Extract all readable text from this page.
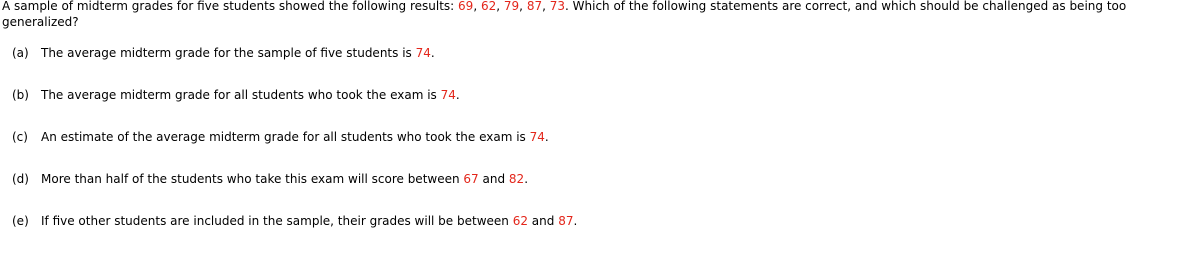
A sample of midterm grades for five students showed the following results: 69, 62, 79, 87, 73. Which of the following statements are correct, and which should be challenged as being too generalized?

(a) The average midterm grade for the sample of five students is 74.
(b) The average midterm grade for all students who took the exam is 74.
(c) An estimate of the average midterm grade for all students who took the exam is 74.
(d) More than half of the students who take this exam will score between 67 and 82.
(e) If five other students are included in the sample, their grades will be between 62 and 87.
